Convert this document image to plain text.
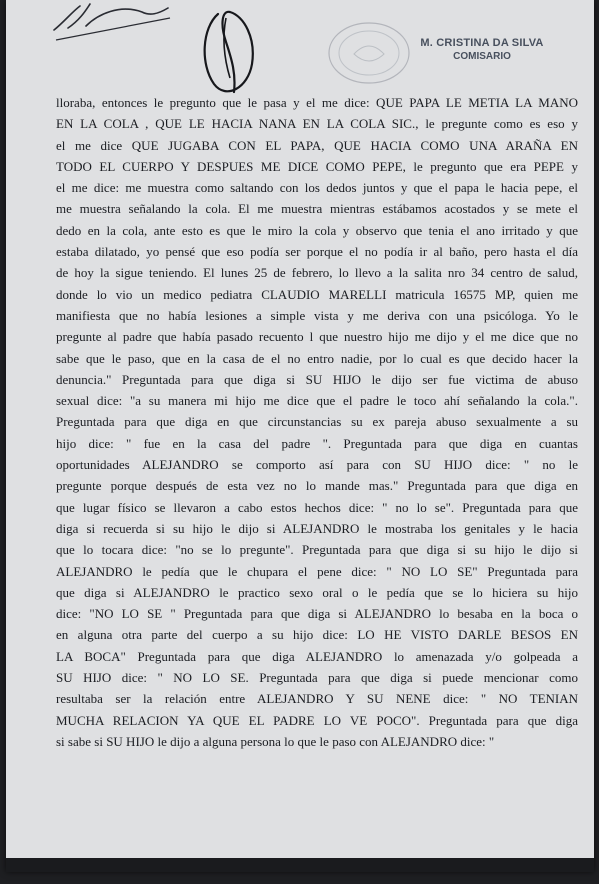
M. CRISTINA DA SILVA
COMISARIO
lloraba, entonces le pregunto que le pasa y el me dice: QUE PAPA LE METIA LA MANO
EN LA COLA , QUE LE HACIA NANA EN LA COLA SIC., le pregunte como es eso y
el me dice QUE JUGABA CON EL PAPA, QUE HACIA COMO UNA ARAÑA EN
TODO EL CUERPO Y DESPUES ME DICE COMO PEPE, le pregunto que era PEPE y
el me dice: me muestra como saltando con los dedos juntos y que el papa le hacia pepe, el
me muestra señalando la cola. El me muestra mientras estábamos acostados y se mete el
dedo en la cola, ante esto es que le miro la cola y observo que tenia el ano irritado y que
estaba dilatado, yo pensé que eso podía ser porque el no podía ir al baño, pero hasta el día
de hoy la sigue teniendo. El lunes 25 de febrero, lo llevo a la salita nro 34 centro de salud,
donde lo vio un medico pediatra CLAUDIO MARELLI matricula 16575 MP, quien me
manifiesta que no había lesiones a simple vista y me deriva con una psicóloga. Yo le
pregunte al padre que había pasado recuento l que nuestro hijo me dijo y el me dice que no
sabe que le paso, que en la casa de el no entro nadie, por lo cual es que decido hacer la
denuncia." Preguntada para que diga si SU HIJO le dijo ser fue victima de abuso
sexual dice: "a su manera mi hijo me dice que el padre le toco ahí señalando la cola.".
Preguntada para que diga en que circunstancias su ex pareja abuso sexualmente a su
hijo dice: " fue en la casa del padre ". Preguntada para que diga en cuantas
oportunidades ALEJANDRO se comporto así para con SU HIJO dice: " no le
pregunte porque después de esta vez no lo mande mas." Preguntada para que diga en
que lugar físico se llevaron a cabo estos hechos dice: " no lo se". Preguntada para que
diga si recuerda si su hijo le dijo si ALEJANDRO le mostraba los genitales y le hacia
que lo tocara dice: "no se lo pregunte". Preguntada para que diga si su hijo le dijo si
ALEJANDRO le pedía que le chupara el pene dice: " NO LO SE" Preguntada para
que diga si ALEJANDRO le practico sexo oral o le pedía que se lo hiciera su hijo
dice: "NO LO SE " Preguntada para que diga si ALEJANDRO lo besaba en la boca o
en alguna otra parte del cuerpo a su hijo dice: LO HE VISTO DARLE BESOS EN
LA BOCA" Preguntada para que diga ALEJANDRO lo amenazada y/o golpeada a
SU HIJO dice: " NO LO SE. Preguntada para que diga si puede mencionar como
resultaba ser la relación entre ALEJANDRO Y SU NENE dice: " NO TENIAN
MUCHA RELACION YA QUE EL PADRE LO VE POCO". Preguntada para que diga
si sabe si SU HIJO le dijo a alguna persona lo que le paso con ALEJANDRO dice: "
